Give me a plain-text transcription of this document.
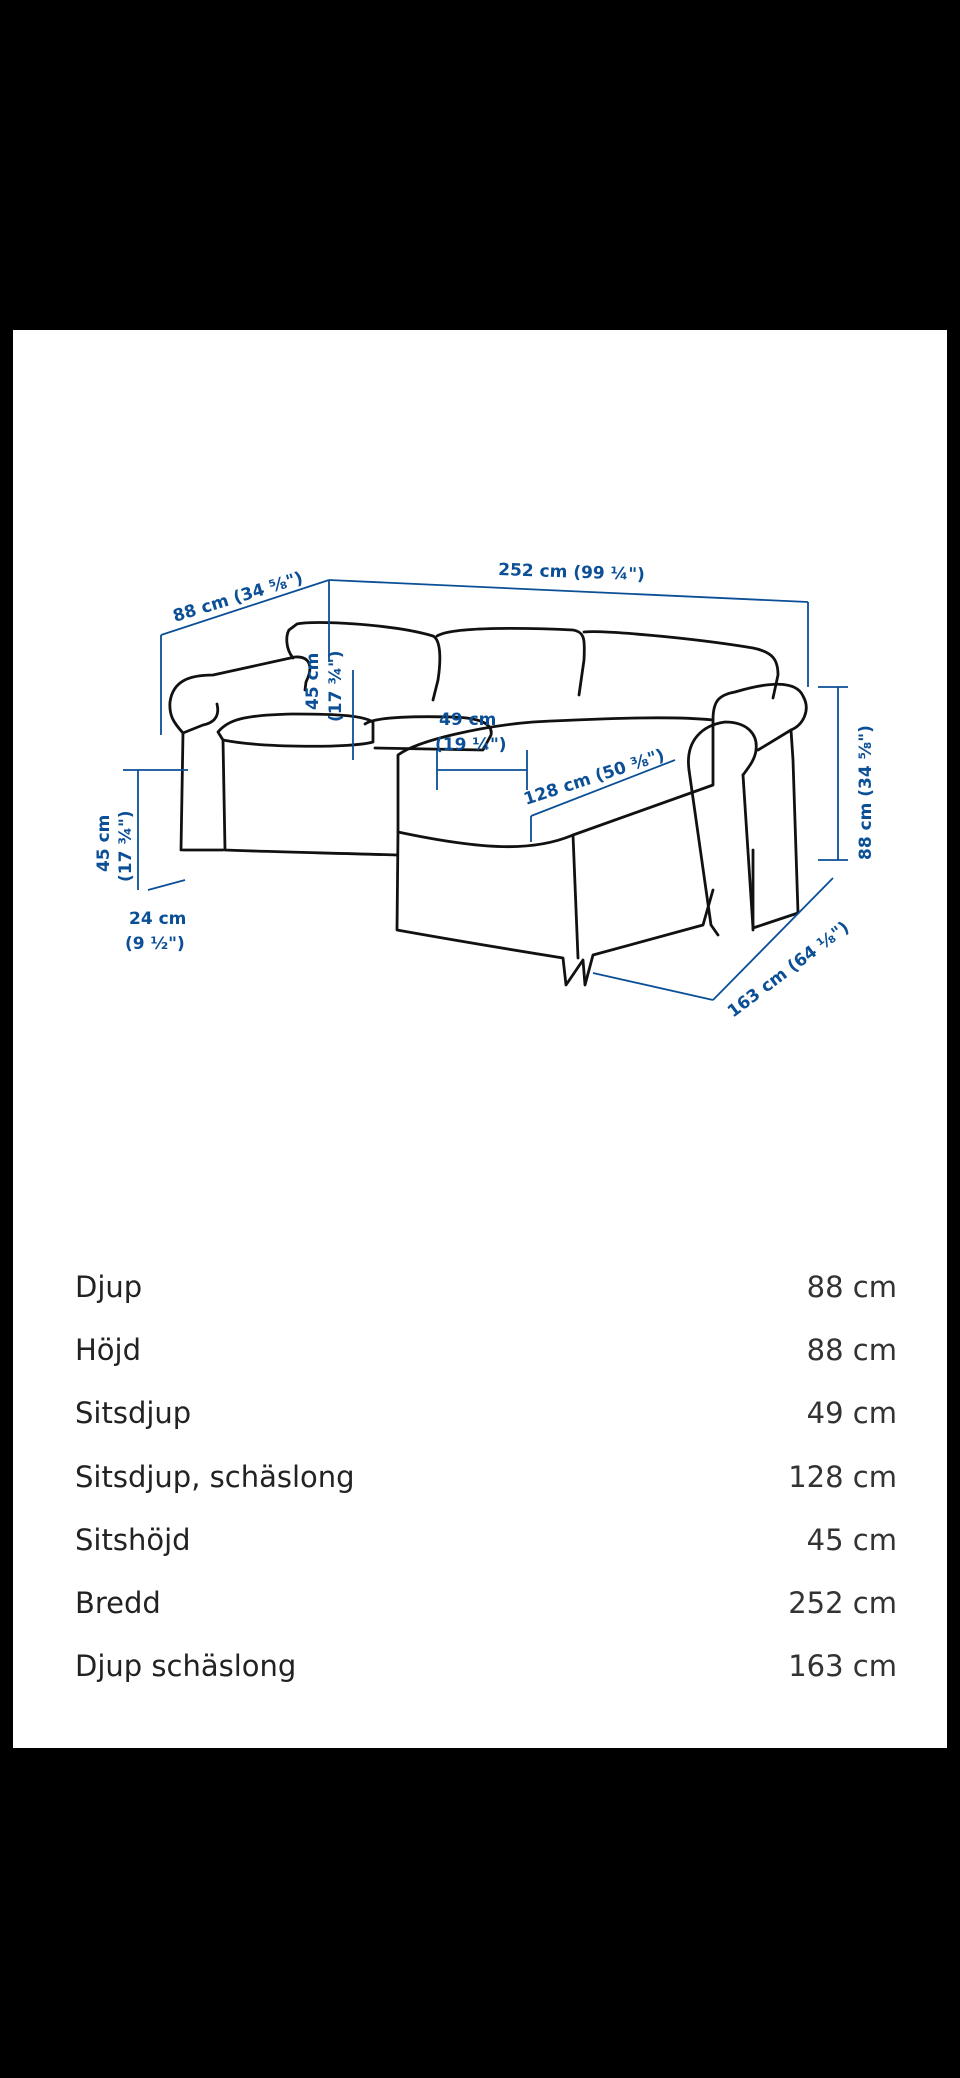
88 cm (34 ⅝")	252 cm (99 ¼")
45 cm (17 ¾")	49 cm
(19 ¼")
128 cm (50 ⅜")	88 cm (34 ⅝")
45 cm (17 ¾")
24 cm
(9 ½")	163 cm (64 ⅛")
Djup	88 cm
Höjd	88 cm
Sitsdjup	49 cm
Sitsdjup, schäslong	128 cm
Sitshöjd	45 cm
Bredd	252 cm
Djup schäslong	163 cm
